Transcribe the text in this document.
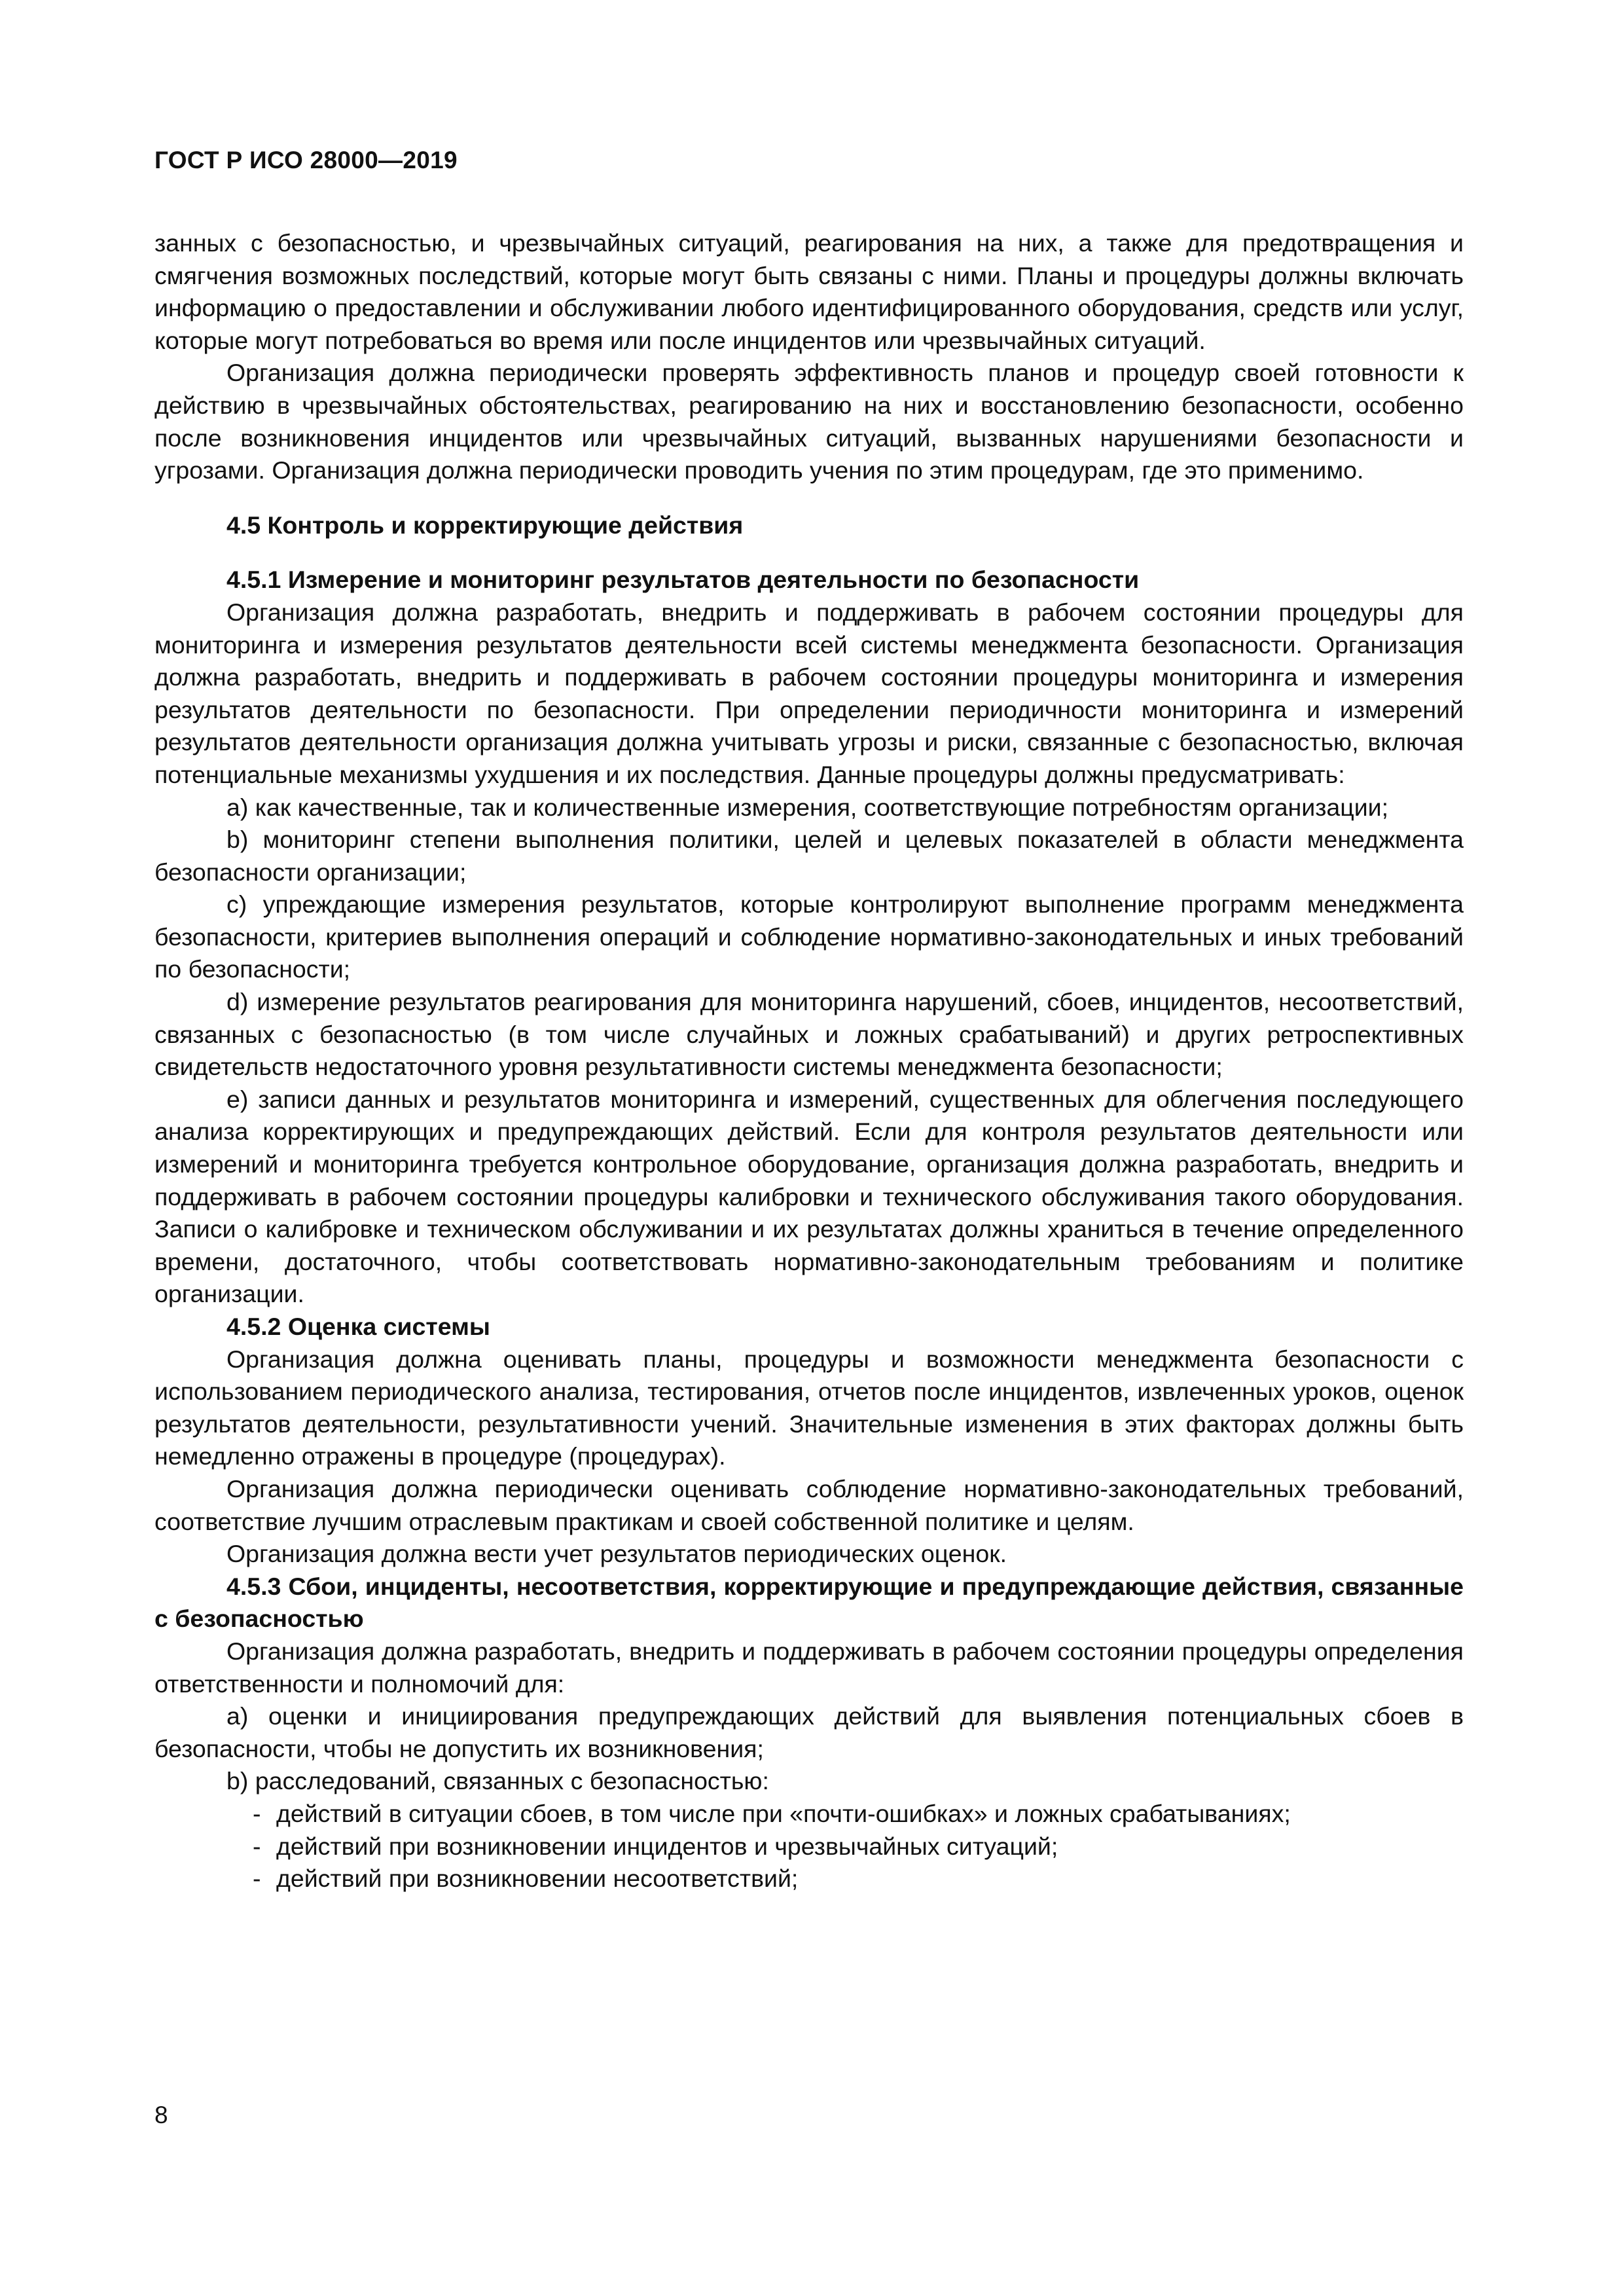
ГОСТ Р ИСО 28000—2019

занных с безопасностью, и чрезвычайных ситуаций, реагирования на них, а также для предотвращения и смягчения возможных последствий, которые могут быть связаны с ними. Планы и процедуры должны включать информацию о предоставлении и обслуживании любого идентифицированного оборудования, средств или услуг, которые могут потребоваться во время или после инцидентов или чрезвычайных ситуаций.

Организация должна периодически проверять эффективность планов и процедур своей готовности к действию в чрезвычайных обстоятельствах, реагированию на них и восстановлению безопасности, особенно после возникновения инцидентов или чрезвычайных ситуаций, вызванных нарушениями безопасности и угрозами. Организация должна периодически проводить учения по этим процедурам, где это применимо.

4.5 Контроль и корректирующие действия

4.5.1 Измерение и мониторинг результатов деятельности по безопасности

Организация должна разработать, внедрить и поддерживать в рабочем состоянии процедуры для мониторинга и измерения результатов деятельности всей системы менеджмента безопасности. Организация должна разработать, внедрить и поддерживать в рабочем состоянии процедуры мониторинга и измерения результатов деятельности по безопасности. При определении периодичности мониторинга и измерений результатов деятельности организация должна учитывать угрозы и риски, связанные с безопасностью, включая потенциальные механизмы ухудшения и их последствия. Данные процедуры должны предусматривать:

a) как качественные, так и количественные измерения, соответствующие потребностям организации;

b) мониторинг степени выполнения политики, целей и целевых показателей в области менеджмента безопасности организации;

c) упреждающие измерения результатов, которые контролируют выполнение программ менеджмента безопасности, критериев выполнения операций и соблюдение нормативно-законодательных и иных требований по безопасности;

d) измерение результатов реагирования для мониторинга нарушений, сбоев, инцидентов, несоответствий, связанных с безопасностью (в том числе случайных и ложных срабатываний) и других ретроспективных свидетельств недостаточного уровня результативности системы менеджмента безопасности;

e) записи данных и результатов мониторинга и измерений, существенных для облегчения последующего анализа корректирующих и предупреждающих действий. Если для контроля результатов деятельности или измерений и мониторинга требуется контрольное оборудование, организация должна разработать, внедрить и поддерживать в рабочем состоянии процедуры калибровки и технического обслуживания такого оборудования. Записи о калибровке и техническом обслуживании и их результатах должны храниться в течение определенного времени, достаточного, чтобы соответствовать нормативно-законодательным требованиям и политике организации.

4.5.2 Оценка системы

Организация должна оценивать планы, процедуры и возможности менеджмента безопасности с использованием периодического анализа, тестирования, отчетов после инцидентов, извлеченных уроков, оценок результатов деятельности, результативности учений. Значительные изменения в этих факторах должны быть немедленно отражены в процедуре (процедурах).

Организация должна периодически оценивать соблюдение нормативно-законодательных требований, соответствие лучшим отраслевым практикам и своей собственной политике и целям.

Организация должна вести учет результатов периодических оценок.

4.5.3 Сбои, инциденты, несоответствия, корректирующие и предупреждающие действия, связанные с безопасностью

Организация должна разработать, внедрить и поддерживать в рабочем состоянии процедуры определения ответственности и полномочий для:

a) оценки и инициирования предупреждающих действий для выявления потенциальных сбоев в безопасности, чтобы не допустить их возникновения;

b) расследований, связанных с безопасностью:

- действий в ситуации сбоев, в том числе при «почти-ошибках» и ложных срабатываниях;
- действий при возникновении инцидентов и чрезвычайных ситуаций;
- действий при возникновении несоответствий;
8
